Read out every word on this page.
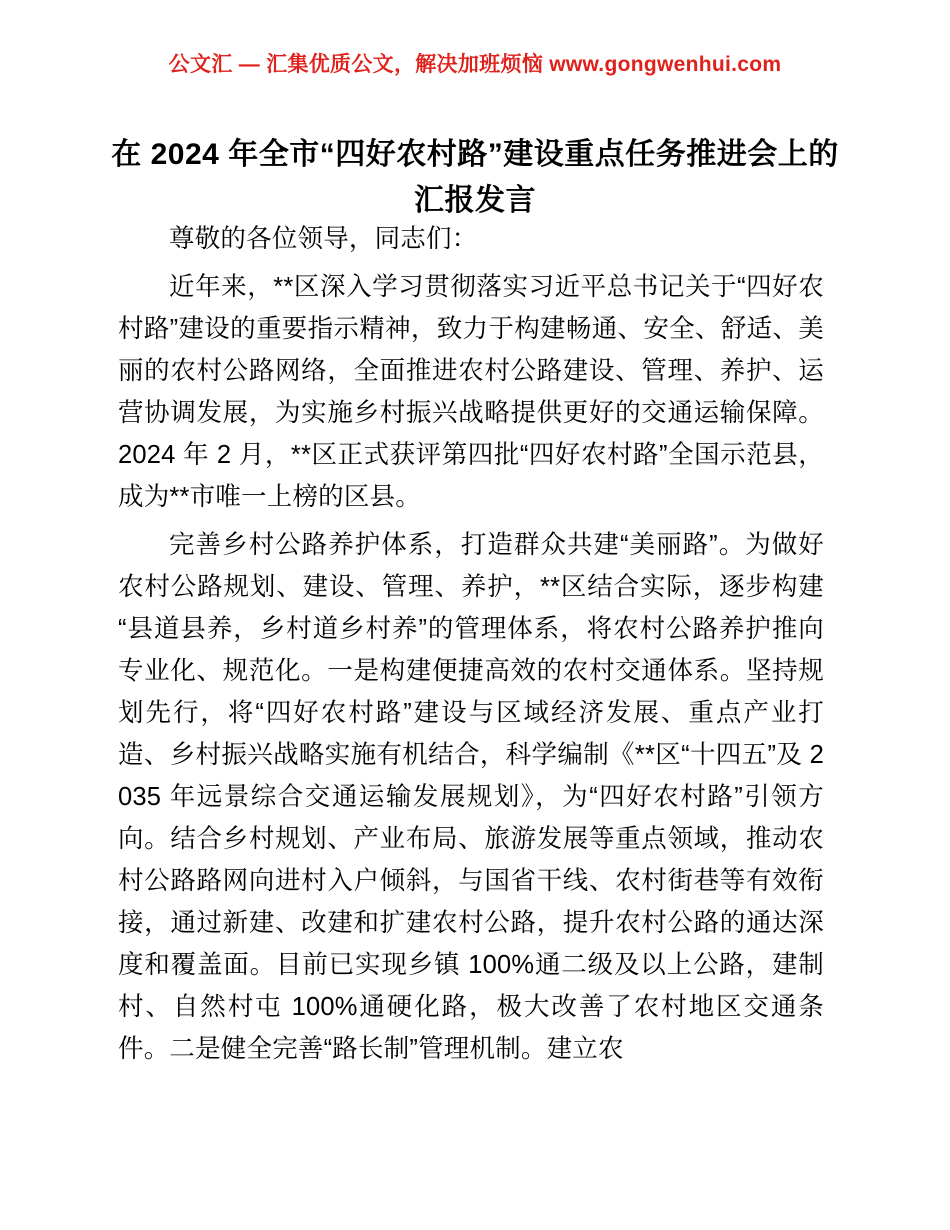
公文汇 — 汇集优质公文，解决加班烦恼 www.gongwenhui.com
在 2024 年全市“四好农村路”建设重点任务推进会上的汇报发言

尊敬的各位领导，同志们：

近年来，**区深入学习贯彻落实习近平总书记关于“四好农村路”建设的重要指示精神，致力于构建畅通、安全、舒适、美丽的农村公路网络，全面推进农村公路建设、管理、养护、运营协调发展，为实施乡村振兴战略提供更好的交通运输保障。2024 年 2 月，**区正式获评第四批“四好农村路”全国示范县，成为**市唯一上榜的区县。

完善乡村公路养护体系，打造群众共建“美丽路”。为做好农村公路规划、建设、管理、养护，**区结合实际，逐步构建“县道县养，乡村道乡村养”的管理体系，将农村公路养护推向专业化、规范化。一是构建便捷高效的农村交通体系。坚持规划先行，将“四好农村路”建设与区域经济发展、重点产业打造、乡村振兴战略实施有机结合，科学编制《**区“十四五”及 2035 年远景综合交通运输发展规划》，为“四好农村路”引领方向。结合乡村规划、产业布局、旅游发展等重点领域，推动农村公路路网向进村入户倾斜，与国省干线、农村街巷等有效衔接，通过新建、改建和扩建农村公路，提升农村公路的通达深度和覆盖面。目前已实现乡镇 100%通二级及以上公路，建制村、自然村屯 100%通硬化路，极大改善了农村地区交通条件。二是健全完善“路长制”管理机制。建立农
